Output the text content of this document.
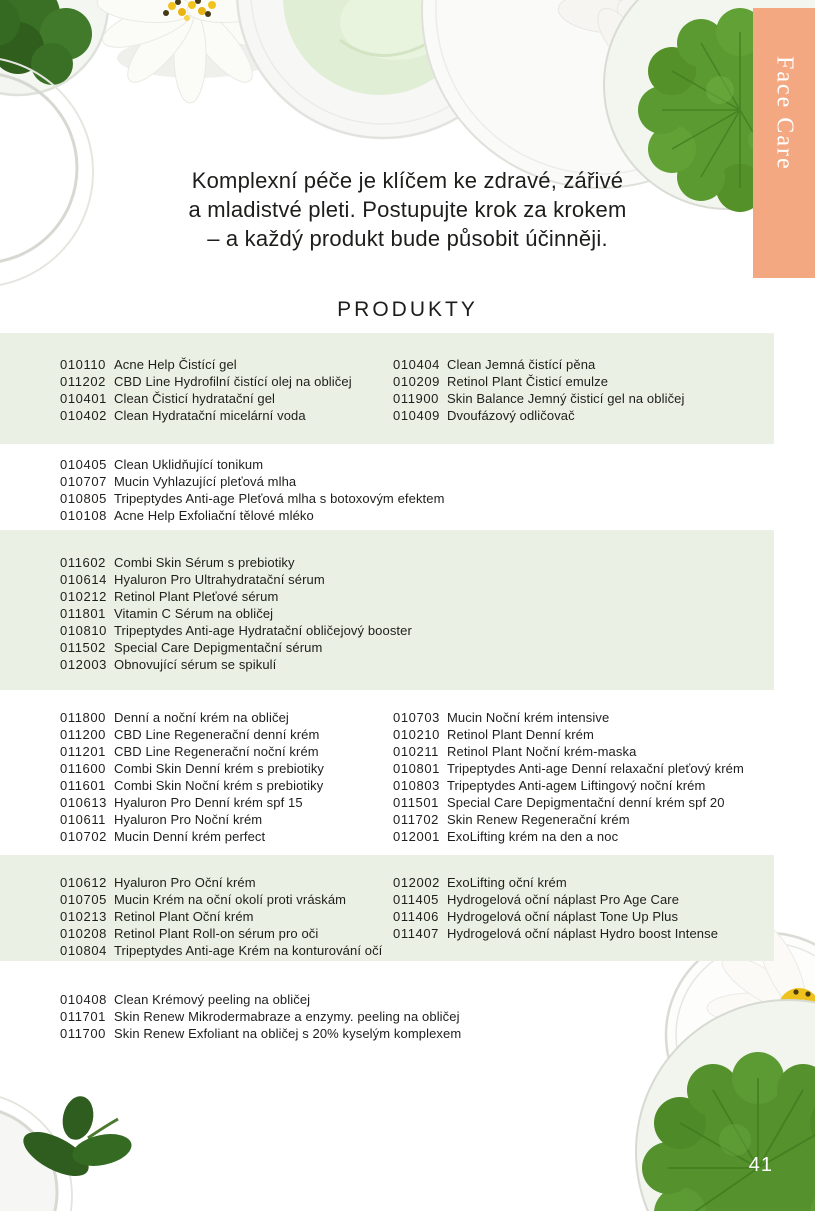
Komplexní péče je klíčem ke zdravé, zářivé
a mladistvé pleti. Postupujte krok za krokem
– a každý produkt bude působit účinněji.
PRODUKTY
010110 Acne Help Čistící gel
011202 CBD Line Hydrofilní čistící olej na obličej
010401 Clean Čisticí hydratační gel
010402 Clean Hydratační micelární voda
010404 Clean Jemná čistící pěna
010209 Retinol Plant Čisticí emulze
011900 Skin Balance Jemný čisticí gel na obličej
010409 Dvoufázový odličovač
010405 Clean Uklidňující tonikum
010707 Mucin Vyhlazující pleťová mlha
010805 Tripeptydes Anti-age Pleťová mlha s botoxovým efektem
010108 Acne Help Exfoliační tělové mléko
011602 Combi Skin Sérum s prebiotiky
010614 Hyaluron Pro Ultrahydratační sérum
010212 Retinol Plant Pleťové sérum
011801 Vitamin C Sérum na obličej
010810 Tripeptydes Anti-age Hydratační obličejový booster
011502 Special Care Depigmentační sérum
012003 Obnovující sérum se spikulí
011800 Denní a noční krém na obličej
011200 CBD Line Regenerační denní krém
011201 CBD Line Regenerační noční krém
011600 Combi Skin Denní krém s prebiotiky
011601 Combi Skin Noční krém s prebiotiky
010613 Hyaluron Pro Denní krém spf 15
010611 Hyaluron Pro Noční krém
010702 Mucin Denní krém perfect
010703 Mucin Noční krém intensive
010210 Retinol Plant Denní krém
010211 Retinol Plant Noční krém-maska
010801 Tripeptydes Anti-age Denní relaxační pleťový krém
010803 Tripeptydes Anti-ageм Liftingový noční krém
011501 Special Care Depigmentační denní krém spf 20
011702 Skin Renew Regenerační krém
012001 ExoLifting krém na den a noc
010612 Hyaluron Pro Oční krém
010705 Mucin Krém na oční okolí proti vráskám
010213 Retinol Plant Oční krém
010208 Retinol Plant Roll-on sérum pro oči
010804 Tripeptydes Anti-age Krém na konturování očí
012002 ExoLifting oční krém
011405 Hydrogelová oční náplast Pro Age Care
011406 Hydrogelová oční náplast Tone Up Plus
011407 Hydrogelová oční náplast Hydro boost Intense
010408 Clean Krémový peeling na obličej
011701 Skin Renew Mikrodermabraze a enzymy. peeling na obličej
011700 Skin Renew Exfoliant na obličej s 20% kyselým komplexem
Face Care
41
